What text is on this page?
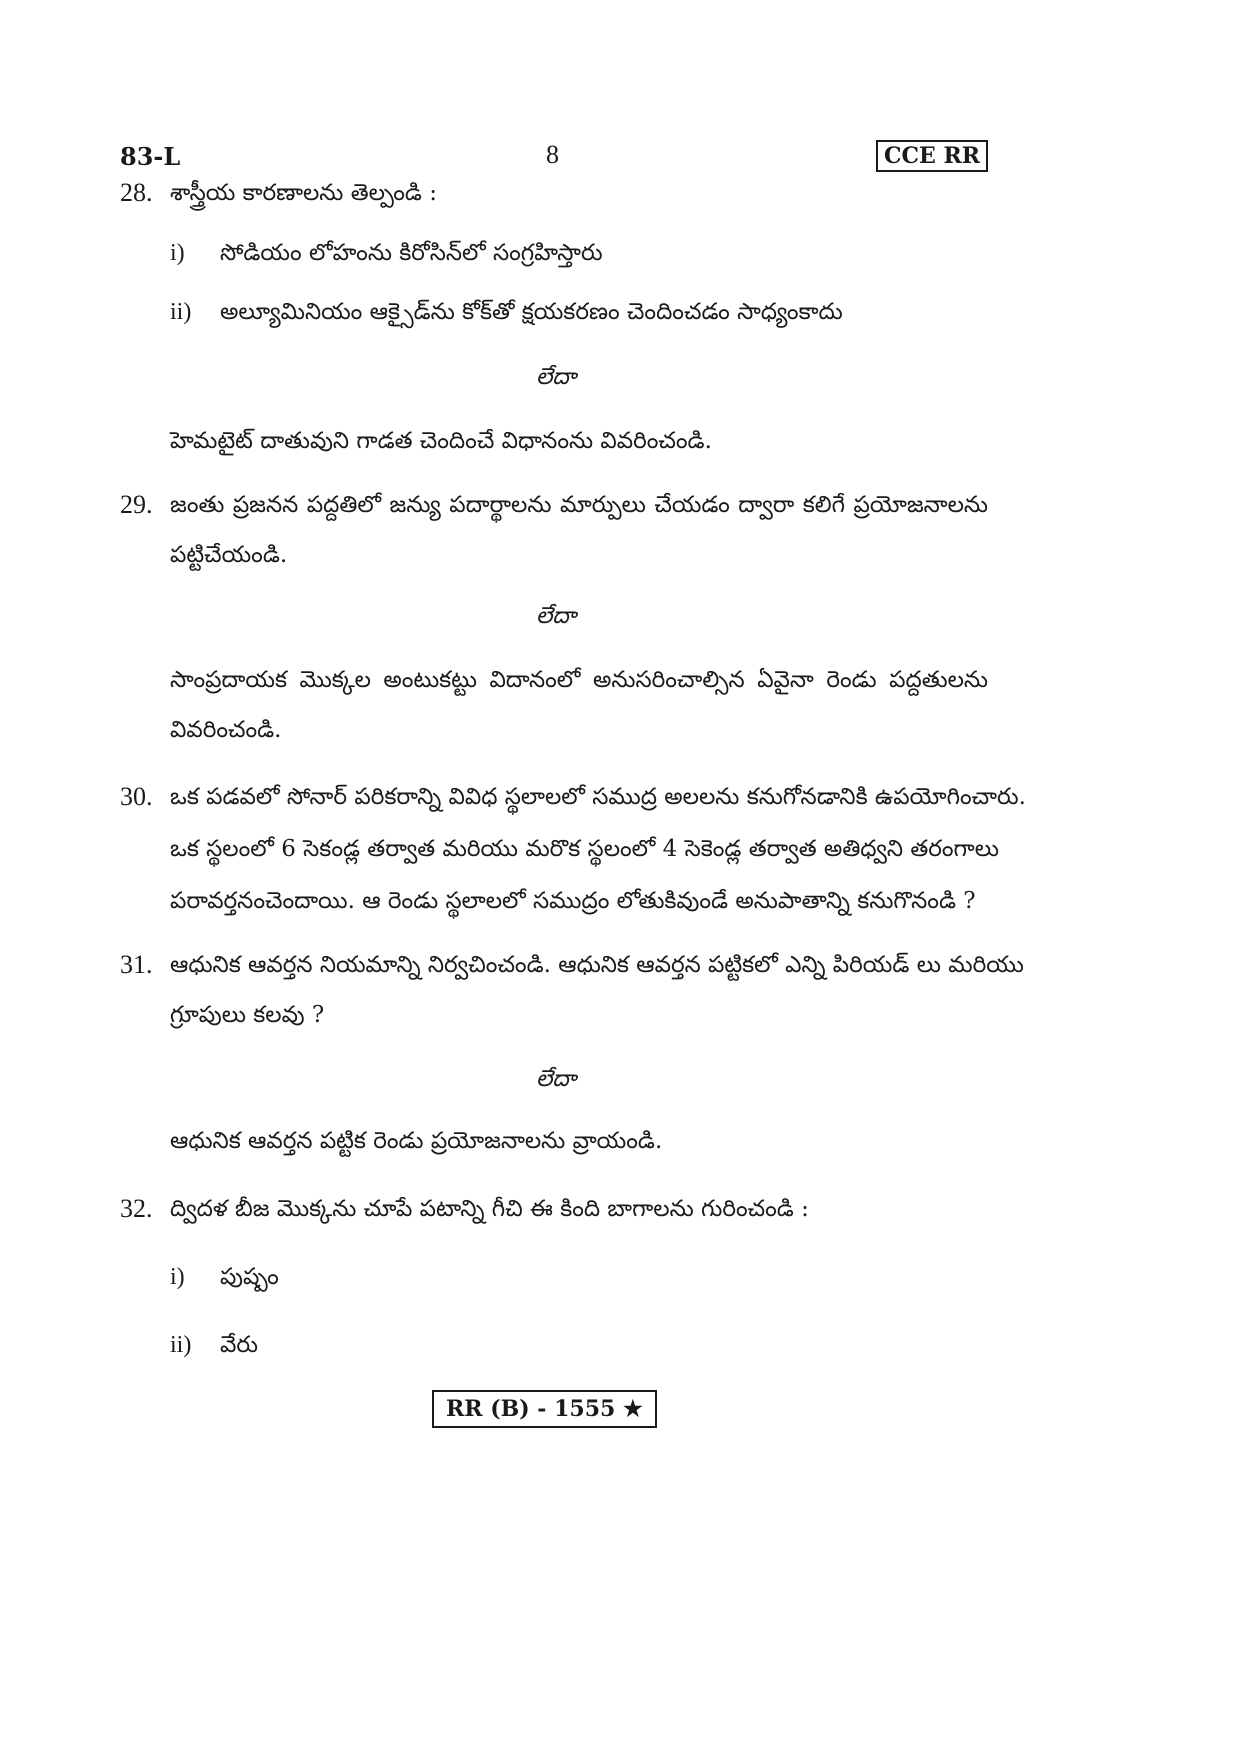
83-L	8	CCE RR
28. శాస్త్రీయ కారణాలను తెల్పండి :
i) సోడియం లోహంను కిరోసిన్‌లో సంగ్రహిస్తారు
ii) అల్యూమినియం ఆక్సైడ్‌ను కోక్‌తో క్షయకరణం చెందించడం సాధ్యంకాదు
లేదా
హెమటైట్ దాతువుని గాడత చెందించే విధానంను వివరించండి.
29. జంతు ప్రజనన పద్దతిలో జన్యు పదార్థాలను మార్పులు చేయడం ద్వారా కలిగే ప్రయోజనాలను
పట్టిచేయండి.
లేదా
సాంప్రదాయక మొక్కల అంటుకట్టు విదానంలో అనుసరించాల్సిన ఏవైనా రెండు పద్దతులను
వివరించండి.
30. ఒక పడవలో సోనార్ పరికరాన్ని వివిధ స్థలాలలో సముద్ర అలలను కనుగోనడానికి ఉపయోగించారు.
ఒక స్థలంలో 6 సెకండ్ల తర్వాత మరియు మరొక స్థలంలో 4 సెకెండ్ల తర్వాత అతిధ్వని తరంగాలు
పరావర్తనంచెందాయి. ఆ రెండు స్థలాలలో సముద్రం లోతుకివుండే అనుపాతాన్ని కనుగొనండి ?
31. ఆధునిక ఆవర్తన నియమాన్ని నిర్వచించండి. ఆధునిక ఆవర్తన పట్టికలో ఎన్ని పిరియడ్ లు మరియు
గ్రూపులు కలవు ?
లేదా
ఆధునిక ఆవర్తన పట్టిక రెండు ప్రయోజనాలను వ్రాయండి.
32. ద్విదళ బీజ మొక్కను చూపే పటాన్ని గీచి ఈ కింది బాగాలను గురించండి :
i) పుష్పం
ii) వేరు
RR (B) - 1555 ★
